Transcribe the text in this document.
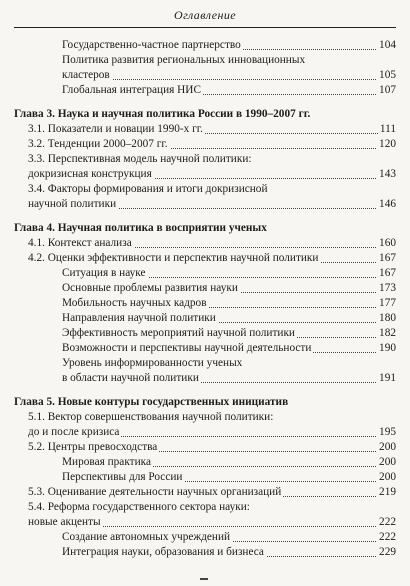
Оглавление
Государственно-частное партнерство	104
Политика развития региональных инновационных
кластеров	105
Глобальная интеграция НИС	107
Глава 3. Наука и научная политика России в 1990–2007 гг.
3.1. Показатели и новации 1990-х гг.	111
3.2. Тенденции 2000–2007 гг.	120
3.3. Перспективная модель научной политики:
докризисная конструкция	143
3.4. Факторы формирования и итоги докризисной
научной политики	146
Глава 4. Научная политика в восприятии ученых
4.1. Контекст анализа	160
4.2. Оценки эффективности и перспектив научной политики	167
Ситуация в науке	167
Основные проблемы развития науки	173
Мобильность научных кадров	177
Направления научной политики	180
Эффективность мероприятий научной политики	182
Возможности и перспективы научной деятельности	190
Уровень информированности ученых
в области научной политики	191
Глава 5. Новые контуры государственных инициатив
5.1. Вектор совершенствования научной политики:
до и после кризиса	195
5.2. Центры превосходства	200
Мировая практика	200
Перспективы для России	200
5.3. Оценивание деятельности научных организаций	219
5.4. Реформа государственного сектора науки:
новые акценты	222
Создание автономных учреждений	222
Интеграция науки, образования и бизнеса	229
